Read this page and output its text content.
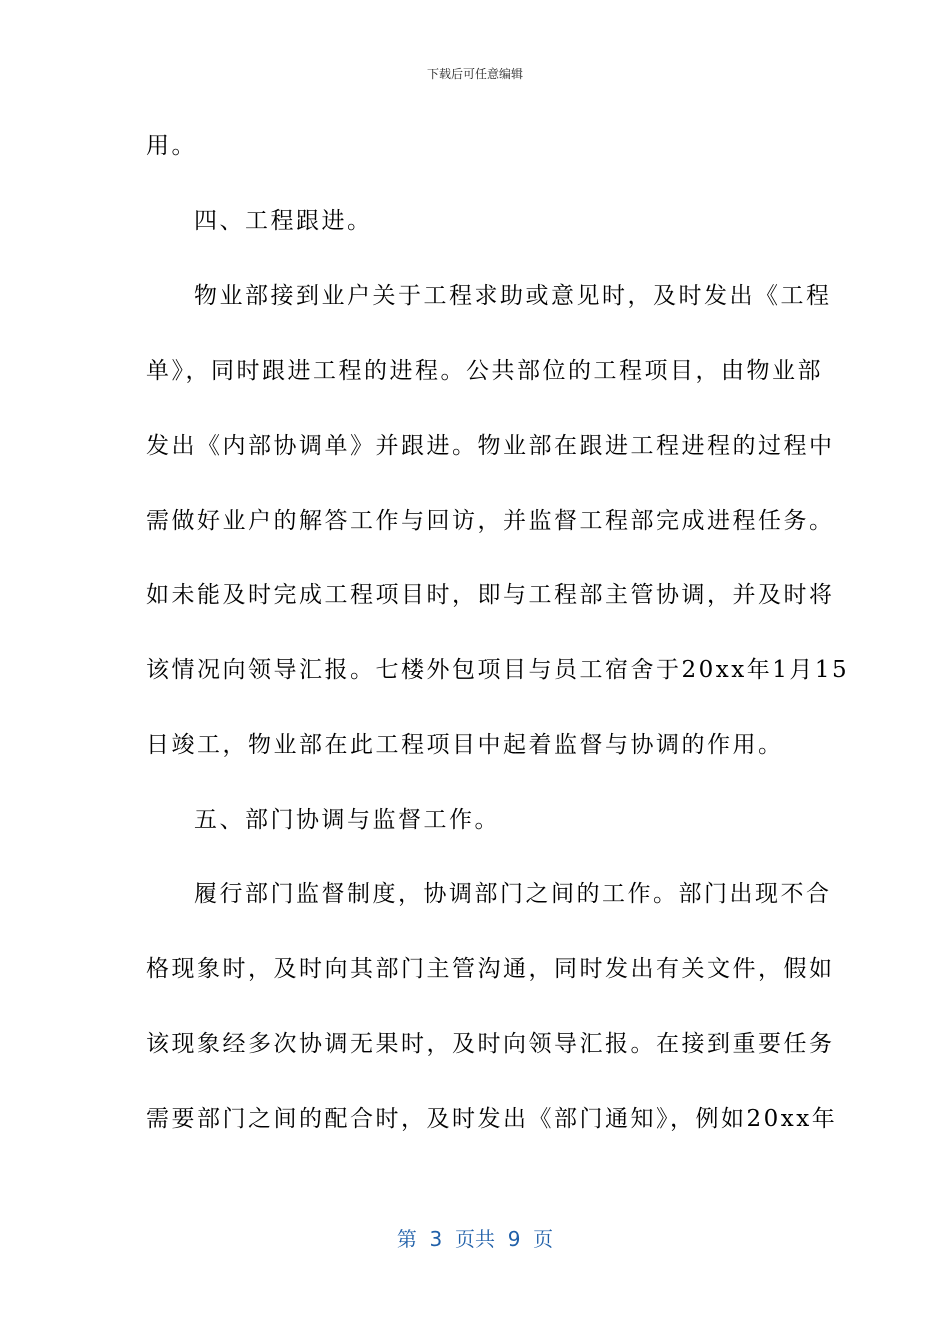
下载后可任意编辑
用。
四、工程跟进。
物业部接到业户关于工程求助或意见时，及时发出《工程
单》，同时跟进工程的进程。公共部位的工程项目，由物业部
发出《内部协调单》并跟进。物业部在跟进工程进程的过程中
需做好业户的解答工作与回访，并监督工程部完成进程任务。
如未能及时完成工程项目时，即与工程部主管协调，并及时将
该情况向领导汇报。七楼外包项目与员工宿舍于20xx年1月15
日竣工，物业部在此工程项目中起着监督与协调的作用。
五、部门协调与监督工作。
履行部门监督制度，协调部门之间的工作。部门出现不合
格现象时，及时向其部门主管沟通，同时发出有关文件，假如
该现象经多次协调无果时，及时向领导汇报。在接到重要任务
需要部门之间的配合时，及时发出《部门通知》，例如20xx年
第  3  页共  9  页
